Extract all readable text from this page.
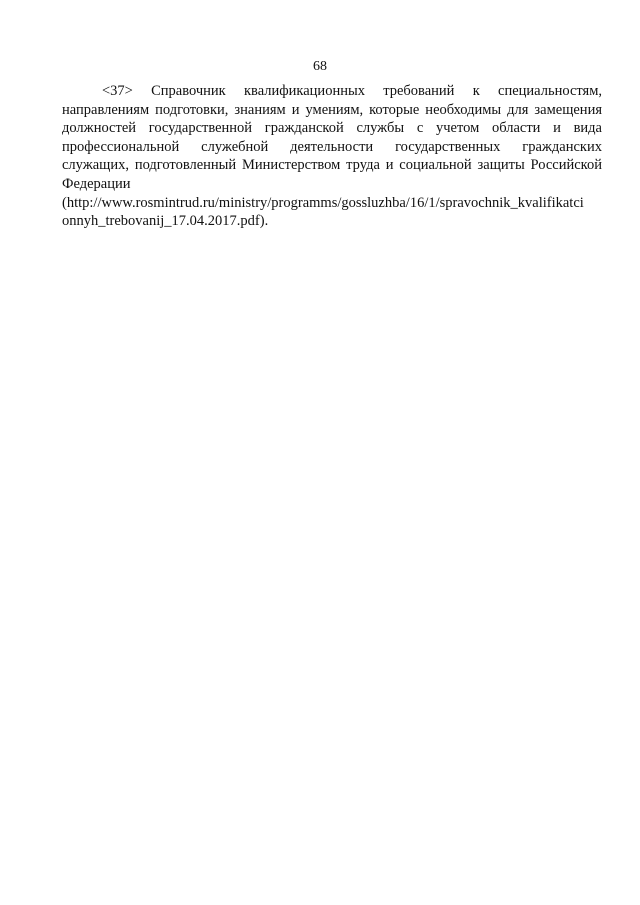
68
<37> Справочник квалификационных требований к специальностям,
направлениям подготовки, знаниям и умениям, которые необходимы для замещения
должностей государственной гражданской службы с учетом области и вида
профессиональной служебной деятельности государственных гражданских
служащих, подготовленный Министерством труда и социальной защиты Российской
Федерации
(http://www.rosmintrud.ru/ministry/programms/gossluzhba/16/1/spravochnik_kvalifikatci
onnyh_trebovanij_17.04.2017.pdf).
